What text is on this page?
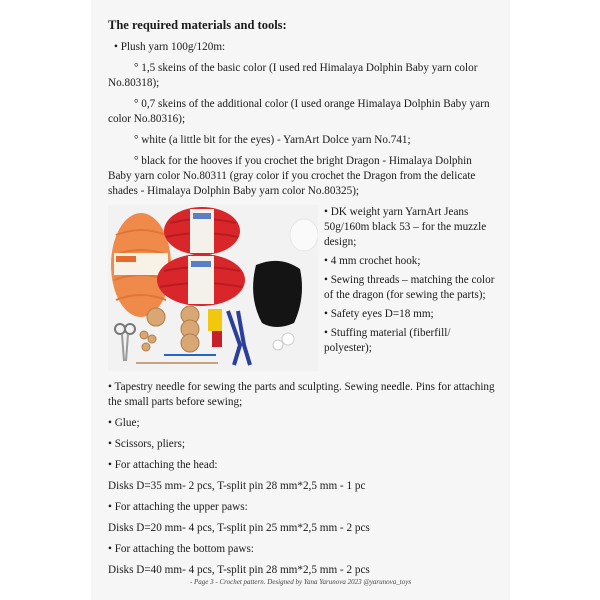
The required materials and tools:
• Plush yarn 100g/120m:
° 1,5 skeins of the basic color (I used red Himalaya Dolphin Baby yarn color No.80318);
° 0,7 skeins of the additional color (I used orange Himalaya Dolphin Baby yarn color No.80316);
° white (a little bit for the eyes) - YarnArt Dolce yarn No.741;
° black for the hooves if you crochet the bright Dragon - Himalaya Dolphin Baby yarn color No.80311 (gray color if you crochet the Dragon from the delicate shades - Himalaya Dolphin Baby yarn color No.80325);
• DK weight yarn YarnArt Jeans 50g/160m black 53 – for the muzzle design;
• 4 mm crochet hook;
• Sewing threads – matching the color of the dragon (for sewing the parts);
• Safety eyes D=18 mm;
• Stuffing material (fiberfill/ polyester);
• Tapestry needle for sewing the parts and sculpting. Sewing needle. Pins for attaching the small parts before sewing;
• Glue;
• Scissors, pliers;
• For attaching the head:
Disks D=35 mm- 2 pcs, T-split pin 28 mm*2,5 mm - 1 pc
• For attaching the upper paws:
Disks D=20 mm- 4 pcs, T-split pin 25 mm*2,5 mm - 2 pcs
• For attaching the bottom paws:
Disks D=40 mm- 4 pcs, T-split pin 28 mm*2,5 mm - 2 pcs
- Page 3 - Crochet pattern. Designed by Yana Yarunova 2023 @yarunova_toys
